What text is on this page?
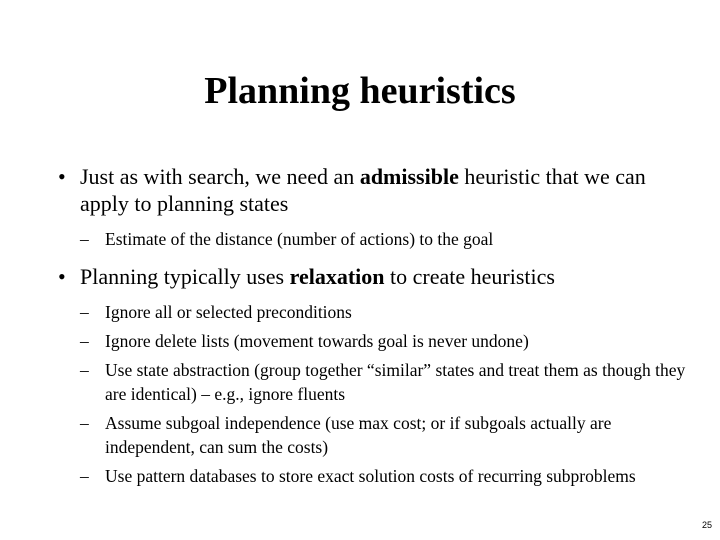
Planning heuristics
• Just as with search, we need an admissible heuristic that we can apply to planning states
– Estimate of the distance (number of actions) to the goal
• Planning typically uses relaxation to create heuristics
– Ignore all or selected preconditions
– Ignore delete lists (movement towards goal is never undone)
– Use state abstraction (group together “similar” states and treat them as though they are identical) – e.g., ignore fluents
– Assume subgoal independence (use max cost; or if subgoals actually are independent, can sum the costs)
– Use pattern databases to store exact solution costs of recurring subproblems
25
